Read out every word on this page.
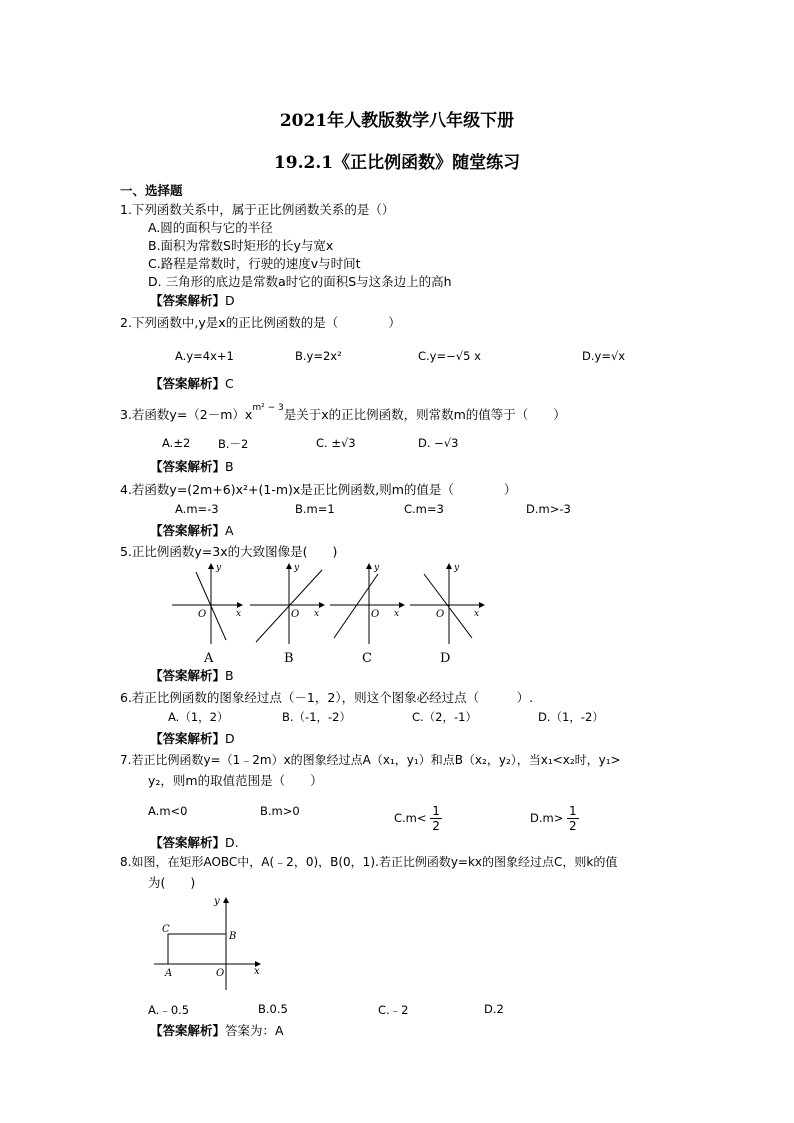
2021年人教版数学八年级下册
19.2.1《正比例函数》随堂练习
一、选择题
1.下列函数关系中，属于正比例函数关系的是（）
A.圆的面积与它的半径
B.面积为常数S时矩形的长y与宽x
C.路程是常数时，行驶的速度v与时间t
D. 三角形的底边是常数a时它的面积S与这条边上的高h
【答案解析】D
2.下列函数中,y是x的正比例函数的是（　　　　）
A.y=4x+1	B.y=2x²	C.y=−√5 x	D.y=√x
【答案解析】C
3.若函数$y=(2-m)x^{m^2 - 3}$是关于x的正比例函数，则常数m的值等于（　　）
A.±2 B.－2	C. ±√3	D. −√3
【答案解析】B
4.若函数y=(2m+6)x²+(1-m)x是正比例函数,则m的值是（　　　　）
A.m=-3	B.m=1	C.m=3	D.m>-3
【答案解析】A
5.正比例函数y=3x的大致图像是(　　)
y
x
O
y
x
O
y
x
O
y
x
O
A	B	C	D
【答案解析】B
6.若正比例函数的图象经过点（－1，2），则这个图象必经过点（　　　）.
A.（1，2）	B.（-1，-2）	C.（2，-1）	D.（1，-2）
【答案解析】D
7.若正比例函数y=（1﹣2m）x的图象经过点A（x₁，y₁）和点B（x₂，y₂），当x₁<x₂时，y₁>
y₂，则m的取值范围是（　　）
A.m<0	B.m>0	$C.m< \frac{1}{2}$	$D.m> \frac{1}{2}$
【答案解析】D.
8.如图，在矩形AOBC中，A(﹣2，0)，B(0，1).若正比例函数y=kx的图象经过点C，则k的值
为(　　)
C
B
A	O	x
y
A.﹣0.5	B.0.5	C.﹣2	D.2
【答案解析】答案为：A
